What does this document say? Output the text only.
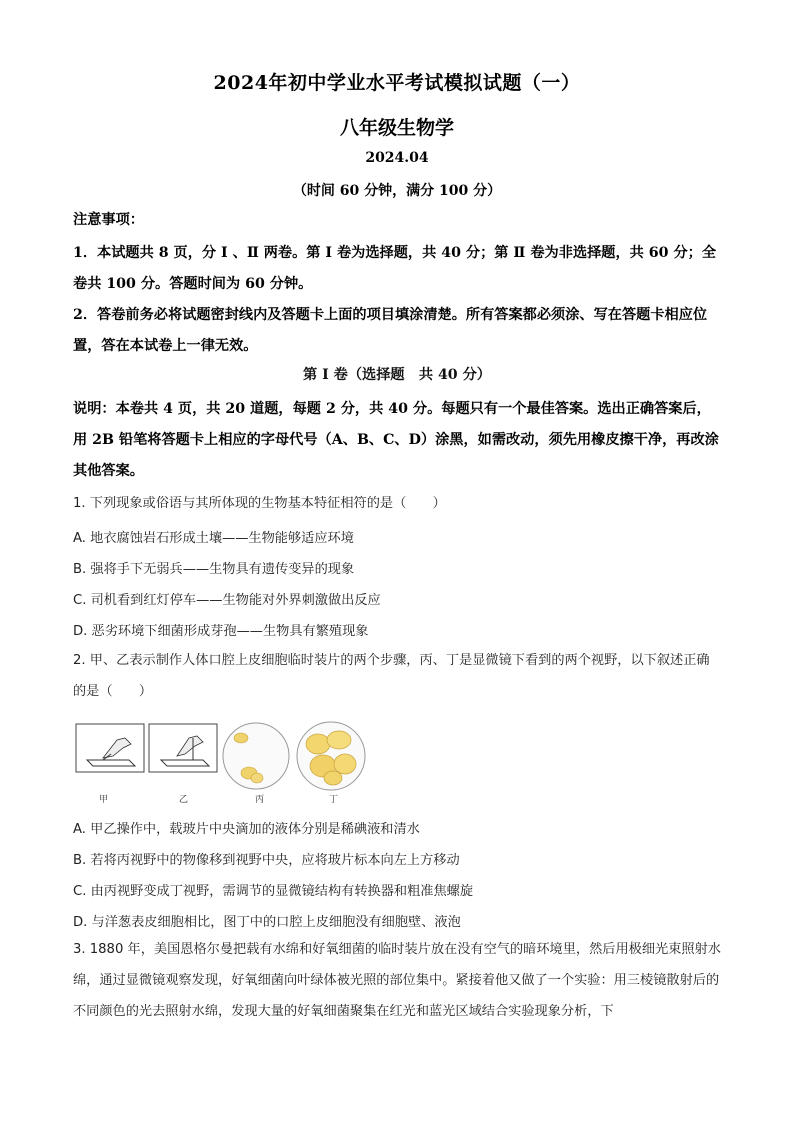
2024年初中学业水平考试模拟试题（一）
八年级生物学
2024.04
（时间 60 分钟，满分 100 分）
注意事项：
1．本试题共 8 页，分 Ⅰ 、Ⅱ 两卷。第 Ⅰ 卷为选择题，共 40 分；第 Ⅱ 卷为非选择题，共 60 分；全卷共 100 分。答题时间为 60 分钟。
2．答卷前务必将试题密封线内及答题卡上面的项目填涂清楚。所有答案都必须涂、写在答题卡相应位置，答在本试卷上一律无效。
第 Ⅰ 卷（选择题　共 40 分）
说明：本卷共 4 页，共 20 道题，每题 2 分，共 40 分。每题只有一个最佳答案。选出正确答案后，用 2B 铅笔将答题卡上相应的字母代号（A、B、C、D）涂黑，如需改动，须先用橡皮擦干净，再改涂其他答案。
1. 下列现象或俗语与其所体现的生物基本特征相符的是（　　）
A. 地衣腐蚀岩石形成土壤——生物能够适应环境
B. 强将手下无弱兵——生物具有遗传变异的现象
C. 司机看到红灯停车——生物能对外界刺激做出反应
D. 恶劣环境下细菌形成芽孢——生物具有繁殖现象
2. 甲、乙表示制作人体口腔上皮细胞临时装片的两个步骤，丙、丁是显微镜下看到的两个视野，以下叙述正确的是（　　）
甲	乙	丙	丁
A. 甲乙操作中，载玻片中央滴加的液体分别是稀碘液和清水
B. 若将丙视野中的物像移到视野中央，应将玻片标本向左上方移动
C. 由丙视野变成丁视野，需调节的显微镜结构有转换器和粗准焦螺旋
D. 与洋葱表皮细胞相比，图丁中的口腔上皮细胞没有细胞壁、液泡
3. 1880 年，美国恩格尔曼把载有水绵和好氧细菌的临时装片放在没有空气的暗环境里，然后用极细光束照射水绵，通过显微镜观察发现，好氧细菌向叶绿体被光照的部位集中。紧接着他又做了一个实验：用三棱镜散射后的不同颜色的光去照射水绵，发现大量的好氧细菌聚集在红光和蓝光区域结合实验现象分析，下
